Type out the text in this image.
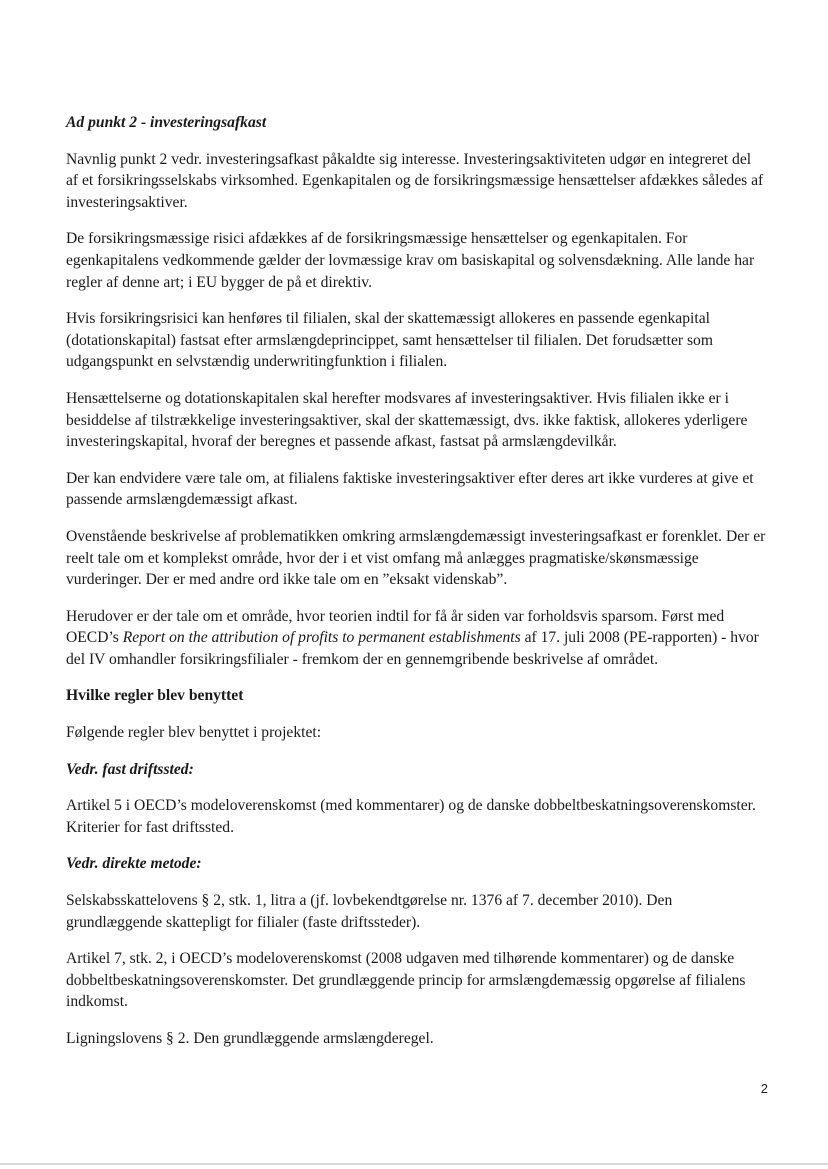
Ad punkt 2 - investeringsafkast

Navnlig punkt 2 vedr. investeringsafkast påkaldte sig interesse. Investeringsaktiviteten udgør en integreret del af et forsikringsselskabs virksomhed. Egenkapitalen og de forsikringsmæssige hensættelser afdækkes således af investeringsaktiver.

De forsikringsmæssige risici afdækkes af de forsikringsmæssige hensættelser og egenkapitalen. For egenkapitalens vedkommende gælder der lovmæssige krav om basiskapital og solvensdækning. Alle lande har regler af denne art; i EU bygger de på et direktiv.

Hvis forsikringsrisici kan henføres til filialen, skal der skattemæssigt allokeres en passende egenkapital (dotationskapital) fastsat efter armslængdeprincippet, samt hensættelser til filialen. Det forudsætter som udgangspunkt en selvstændig underwritingfunktion i filialen.

Hensættelserne og dotationskapitalen skal herefter modsvares af investeringsaktiver. Hvis filialen ikke er i besiddelse af tilstrækkelige investeringsaktiver, skal der skattemæssigt, dvs. ikke faktisk, allokeres yderligere investeringskapital, hvoraf der beregnes et passende afkast, fastsat på armslængdevilkår.

Der kan endvidere være tale om, at filialens faktiske investeringsaktiver efter deres art ikke vurderes at give et passende armslængdemæssigt afkast.

Ovenstående beskrivelse af problematikken omkring armslængdemæssigt investeringsafkast er forenklet. Der er reelt tale om et komplekst område, hvor der i et vist omfang må anlægges pragmatiske/skønsmæssige vurderinger. Der er med andre ord ikke tale om en ”eksakt videnskab”.

Herudover er der tale om et område, hvor teorien indtil for få år siden var forholdsvis sparsom. Først med OECD’s Report on the attribution of profits to permanent establishments af 17. juli 2008 (PE-rapporten) - hvor del IV omhandler forsikringsfilialer - fremkom der en gennemgribende beskrivelse af området.

Hvilke regler blev benyttet

Følgende regler blev benyttet i projektet:

Vedr. fast driftssted:

Artikel 5 i OECD’s modeloverenskomst (med kommentarer) og de danske dobbeltbeskatningsoverenskomster. Kriterier for fast driftssted.

Vedr. direkte metode:

Selskabsskattelovens § 2, stk. 1, litra a (jf. lovbekendtgørelse nr. 1376 af 7. december 2010). Den grundlæggende skattepligt for filialer (faste driftssteder).

Artikel 7, stk. 2, i OECD’s modeloverenskomst (2008 udgaven med tilhørende kommentarer) og de danske dobbeltbeskatningsoverenskomster. Det grundlæggende princip for armslængdemæssig opgørelse af filialens indkomst.

Ligningslovens § 2. Den grundlæggende armslængderegel.

2
